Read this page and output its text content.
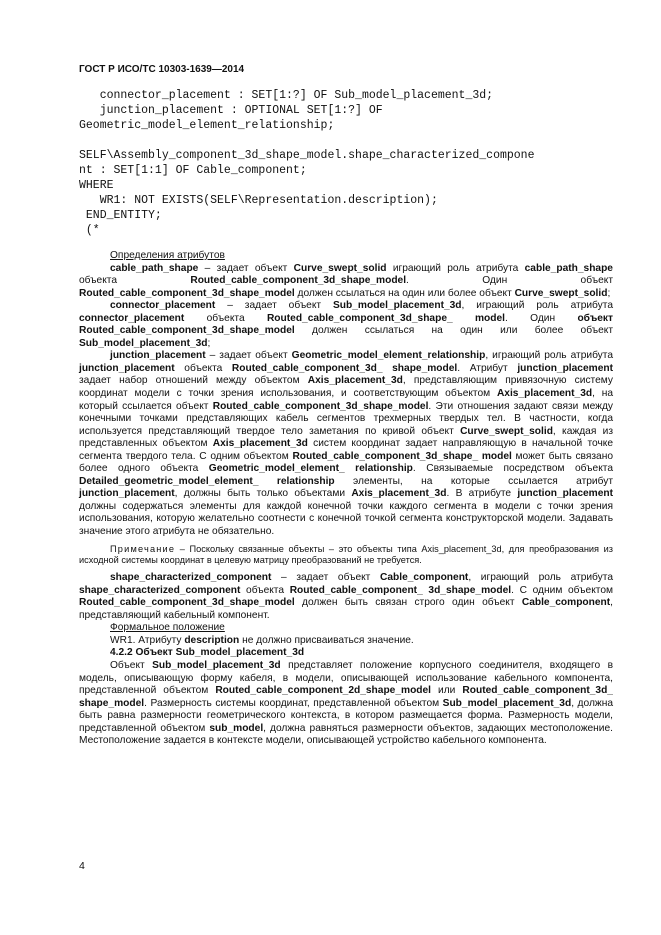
ГОСТ Р ИСО/ТС 10303-1639—2014
connector_placement : SET[1:?] OF Sub_model_placement_3d;
junction_placement : OPTIONAL SET[1:?] OF
Geometric_model_element_relationship;

SELF\Assembly_component_3d_shape_model.shape_characterized_compone
nt : SET[1:1] OF Cable_component;
WHERE
WR1: NOT EXISTS(SELF\Representation.description);
END_ENTITY;
(*

Определения атрибутов

cable_path_shape – задает объект Curve_swept_solid играющий роль атрибута cable_path_shape объекта Routed_cable_component_3d_shape_model. Один объект Routed_cable_component_3d_shape_model должен ссылаться на один или более объект Curve_swept_solid;

connector_placement – задает объект Sub_model_placement_3d, играющий роль атрибута connector_placement объекта Routed_cable_component_3d_shape_ model. Один объект Routed_cable_component_3d_shape_model должен ссылаться на один или более объект Sub_model_placement_3d;

junction_placement – задает объект Geometric_model_element_relationship, играющий роль атрибута junction_placement объекта Routed_cable_component_3d_ shape_model. Атрибут junction_placement задает набор отношений между объектом Axis_placement_3d, представляющим привязочную систему координат модели с точки зрения использования, и соответствующим объектом Axis_placement_3d, на который ссылается объект Routed_cable_component_3d_shape_model. Эти отношения задают связи между конечными точками представляющих кабель сегментов трехмерных твердых тел. В частности, когда используется представляющий твердое тело заметания по кривой объект Curve_swept_solid, каждая из представленных объектом Axis_placement_3d систем координат задает направляющую в начальной точке сегмента твердого тела. С одним объектом Routed_cable_component_3d_shape_ model может быть связано более одного объекта Geometric_model_element_ relationship. Связываемые посредством объекта Detailed_geometric_model_element_ relationship элементы, на которые ссылается атрибут junction_placement, должны быть только объектами Axis_placement_3d. В атрибуте junction_placement должны содержаться элементы для каждой конечной точки каждого сегмента в модели с точки зрения использования, которую желательно соотнести с конечной точкой сегмента конструкторской модели. Задавать значение этого атрибута не обязательно.

Примечание – Поскольку связанные объекты – это объекты типа Axis_placement_3d, для преобразования из исходной системы координат в целевую матрицу преобразований не требуется.

shape_characterized_component – задает объект Cable_component, играющий роль атрибута shape_characterized_component объекта Routed_cable_component_ 3d_shape_model. С одним объектом Routed_cable_component_3d_shape_model должен быть связан строго один объект Cable_component, представляющий кабельный компонент.

Формальное положение

WR1. Атрибуту description не должно присваиваться значение.

4.2.2 Объект Sub_model_placement_3d

Объект Sub_model_placement_3d представляет положение корпусного соединителя, входящего в модель, описывающую форму кабеля, в модели, описывающей использование кабельного компонента, представленной объектом Routed_cable_component_2d_shape_model или Routed_cable_component_3d_ shape_model. Размерность системы координат, представленной объектом Sub_model_placement_3d, должна быть равна размерности геометрического контекста, в котором размещается форма. Размерность модели, представленной объектом sub_model, должна равняться размерности объектов, задающих местоположение. Местоположение задается в контексте модели, описывающей устройство кабельного компонента.

4
